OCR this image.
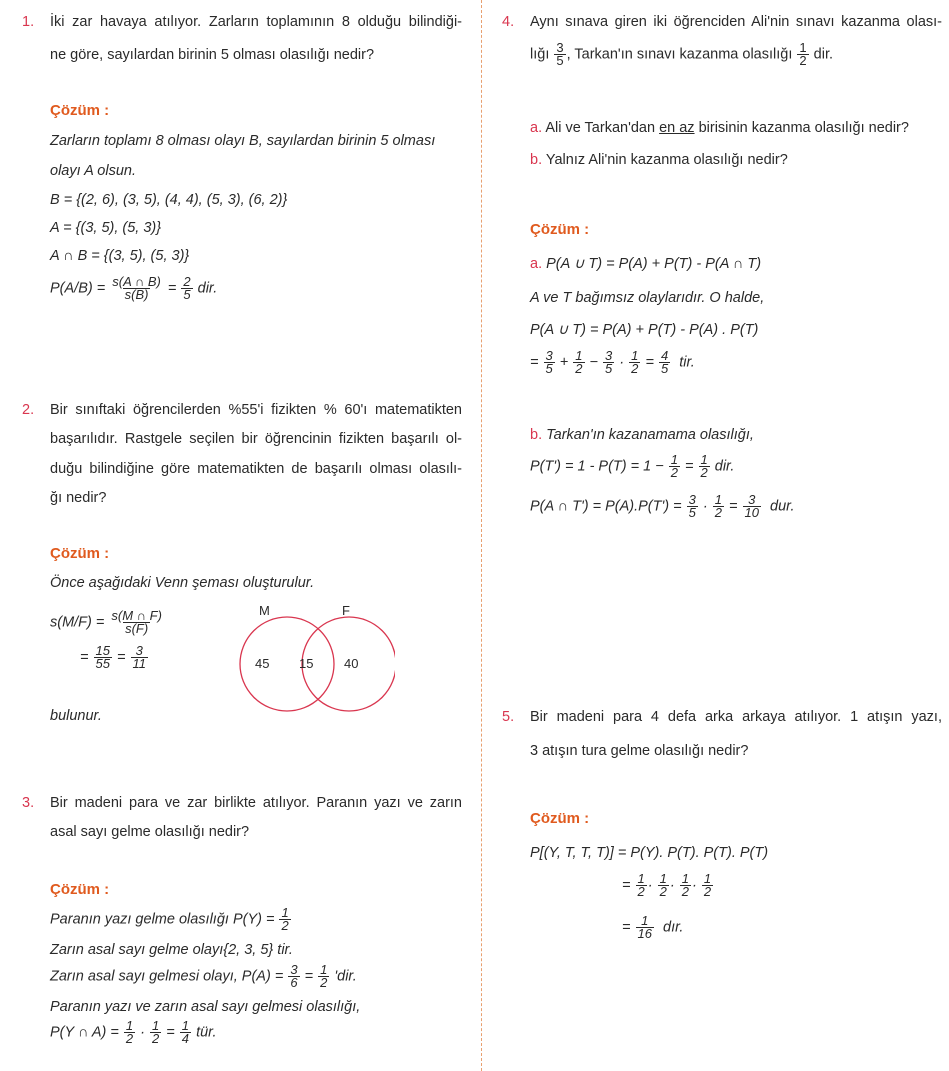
1. İki zar havaya atılıyor. Zarların toplamının 8 olduğu bilindiği-
ne göre, sayılardan birinin 5 olması olasılığı nedir?
Çözüm :
Zarların toplamı 8 olması olayı B, sayılardan birinin 5 olması
olayı A olsun.
B = {(2, 6), (3, 5), (4, 4), (5, 3), (6, 2)}
A = {(3, 5), (5, 3)}
A ∩ B = {(3, 5), (5, 3)}
$P(A/B) = \frac{s(A \cap B)}{s(B)} = \frac{2}{5}$ dir.
2. Bir sınıftaki öğrencilerden %55'i fizikten % 60'ı matematikten
başarılıdır. Rastgele seçilen bir öğrencinin fizikten başarılı ol-
duğu bilindiğine göre matematikten de başarılı olması olasılı-
ğı nedir?
Çözüm :
Önce aşağıdaki Venn şeması oluşturulur.
$s(M/F) = \frac{s(M \cap F)}{s(F)}$
= $\frac{15}{55} = \frac{3}{11}$
M	F
45 15 40
bulunur.
3. Bir madeni para ve zar birlikte atılıyor. Paranın yazı ve zarın
asal sayı gelme olasılığı nedir?
Çözüm :
Paranın yazı gelme olasılığı $P(Y) = \frac{1}{2}$
Zarın asal sayı gelme olayı{2, 3, 5} tir.
Zarın asal sayı gelmesi olayı, $P(A) = \frac{3}{6} = \frac{1}{2}$ 'dir.
Paranın yazı ve zarın asal sayı gelmesi olasılığı,
P(Y ∩ $A) = \frac{1}{2} \cdot \frac{1}{2} = \frac{1}{4}$ tür.
4. Aynı sınava giren iki öğrenciden Ali'nin sınavı kazanma olası-
lığı $\frac{3}{5}$ , Tarkan'ın sınavı kazanma olasılığı $\frac{1}{2}$ dir.
a. Ali ve Tarkan'dan en az birisinin kazanma olasılığı nedir?
b. Yalnız Ali'nin kazanma olasılığı nedir?
Çözüm :
a. P(A ∪ T) = P(A) + P(T) - P(A ∩ T)
A ve T bağımsız olaylarıdır. O halde,
P(A ∪ T) = P(A) + P(T) - P(A) . P(T)
= $\frac{3}{5} + \frac{1}{2} - \frac{3}{5} \cdot \frac{1}{2} = \frac{4}{5}$ tir.
b. Tarkan'ın kazanamama olasılığı,
$P(T') = 1 - P(T) = 1 - \frac{1}{2} = \frac{1}{2}$ dir.
P(A ∩ $T') = P(A).P(T') = \frac{3}{5} \cdot \frac{1}{2} = \frac{3}{10}$ dur.
5. Bir madeni para 4 defa arka arkaya atılıyor. 1 atışın yazı,
3 atışın tura gelme olasılığı nedir?
Çözüm :
P[(Y, T, T, T)] = P(Y). P(T). P(T). P(T)
= $\frac{1}{2} \cdot \frac{1}{2} \cdot \frac{1}{2} \cdot \frac{1}{2}$
= $\frac{1}{16}$ dır.
